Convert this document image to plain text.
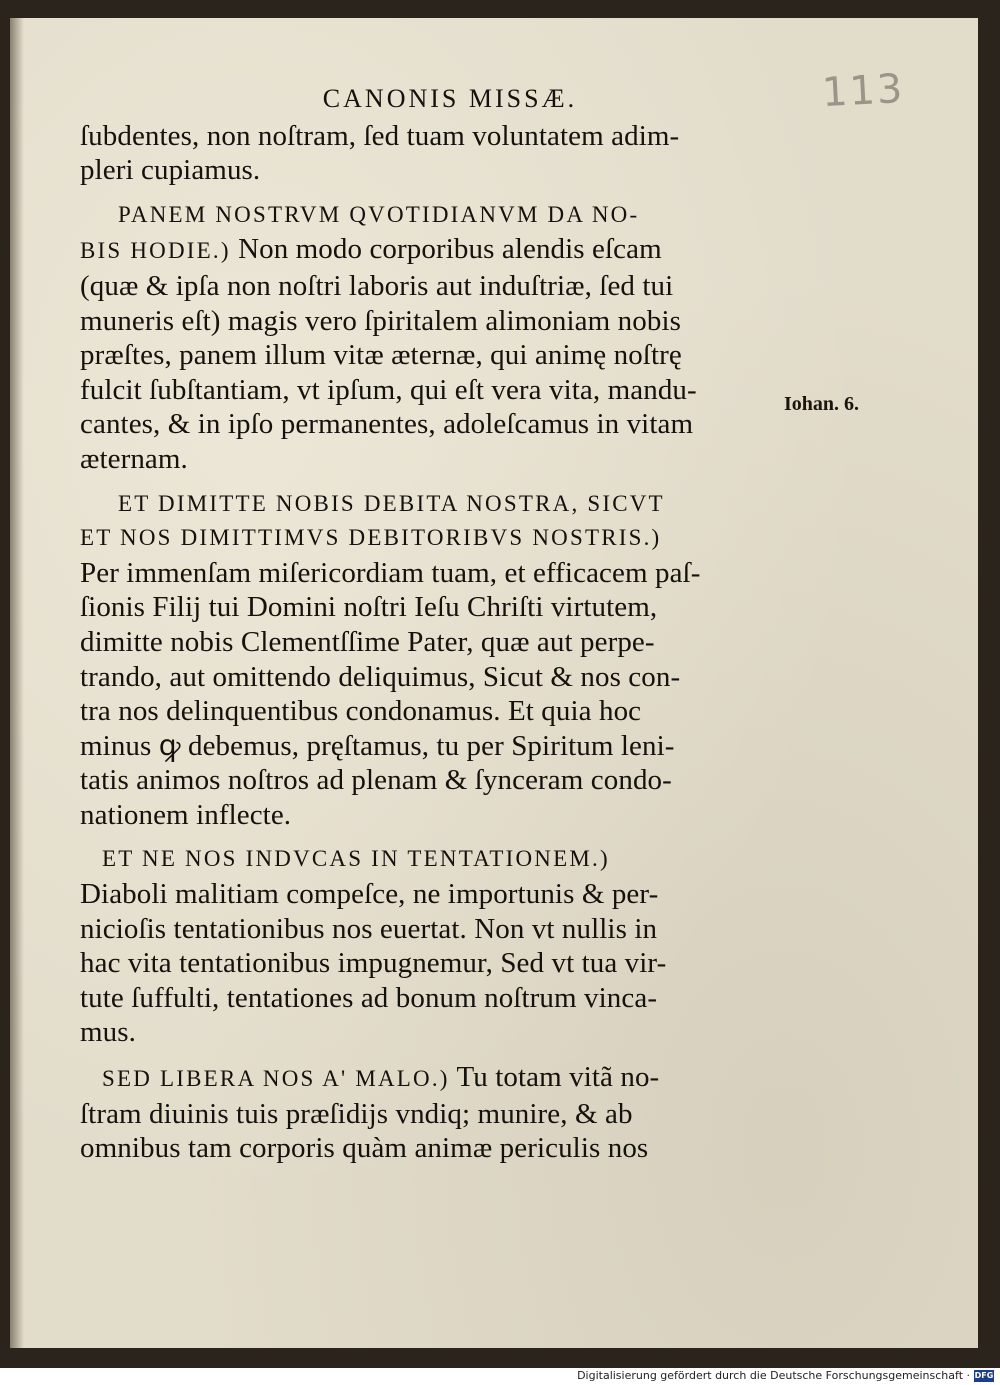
113
Iohan. 6.
CANONIS MISSÆ.
ſubdentes, non noſtram, ſed tuam voluntatem adim-
pleri cupiamus.
PANEM NOSTRVM QVOTIDIANVM DA NO-
BIS HODIE.) Non modo corporibus alendis eſcam
(quæ & ipſa non noſtri laboris aut induſtriæ, ſed tui
muneris eſt) magis vero ſpiritalem alimoniam nobis
præſtes, panem illum vitæ æternæ, qui animę noſtrę
fulcit ſubſtantiam, vt ipſum, qui eſt vera vita, mandu-
cantes, & in ipſo permanentes, adoleſcamus in vitam
æternam.
ET DIMITTE NOBIS DEBITA NOSTRA, SICVT
ET NOS DIMITTIMVS DEBITORIBVS NOSTRIS.)
Per immenſam miſericordiam tuam, et efficacem paſ-
ſionis Filij tui Domini noſtri Ieſu Chriſti virtutem,
dimitte nobis Clementſſime Pater, quæ aut perpe-
trando, aut omittendo deliquimus, Sicut & nos con-
tra nos delinquentibus condonamus. Et quia hoc
minus ꝙ debemus, pręſtamus, tu per Spiritum leni-
tatis animos noſtros ad plenam & ſynceram condo-
nationem inflecte.
ET NE NOS INDVCAS IN TENTATIONEM.)
Diaboli malitiam compeſce, ne importunis & per-
nicioſis tentationibus nos euertat. Non vt nullis in
hac vita tentationibus impugnemur, Sed vt tua vir-
tute ſuffulti, tentationes ad bonum noſtrum vinca-
mus.
SED LIBERA NOS A' MALO.) Tu totam vitã no-
ſtram diuinis tuis præſidijs vndiq; munire, & ab
omnibus tam corporis quàm animæ periculis nos
Digitalisierung gefördert durch die Deutsche Forschungsgemeinschaft · DFG
